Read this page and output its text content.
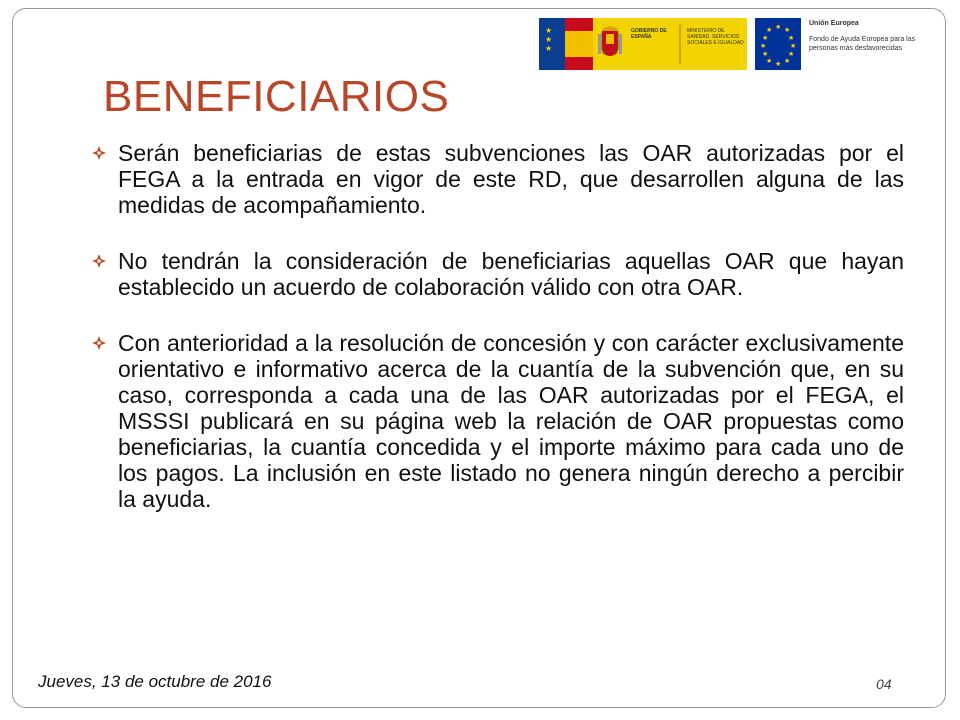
★
★
★
GOBIERNO DE ESPAÑA
MINISTERIO DE SANIDAD, SERVICIOS SOCIALES E IGUALDAD
★ ★
★
★
★
★
★
★
★
★
★
★
Unión Europea
Fondo de Ayuda Europea para las personas más desfavorecidas
BENEFICIARIOS

Serán beneficiarias de estas subvenciones las OAR autorizadas por el FEGA a la entrada en vigor de este RD, que desarrollen alguna de las medidas de acompañamiento.

No tendrán la consideración de beneficiarias aquellas OAR que hayan establecido un acuerdo de colaboración válido con otra OAR.

Con anterioridad a la resolución de concesión y con carácter exclusivamente orientativo e informativo acerca de la cuantía de la subvención que, en su caso, corresponda a cada una de las OAR autorizadas por el FEGA, el MSSSI publicará en su página web la relación de OAR propuestas como beneficiarias, la cuantía concedida y el importe máximo para cada uno de los pagos. La inclusión en este listado no genera ningún derecho a percibir la ayuda.

Jueves, 13 de octubre de 2016	04
